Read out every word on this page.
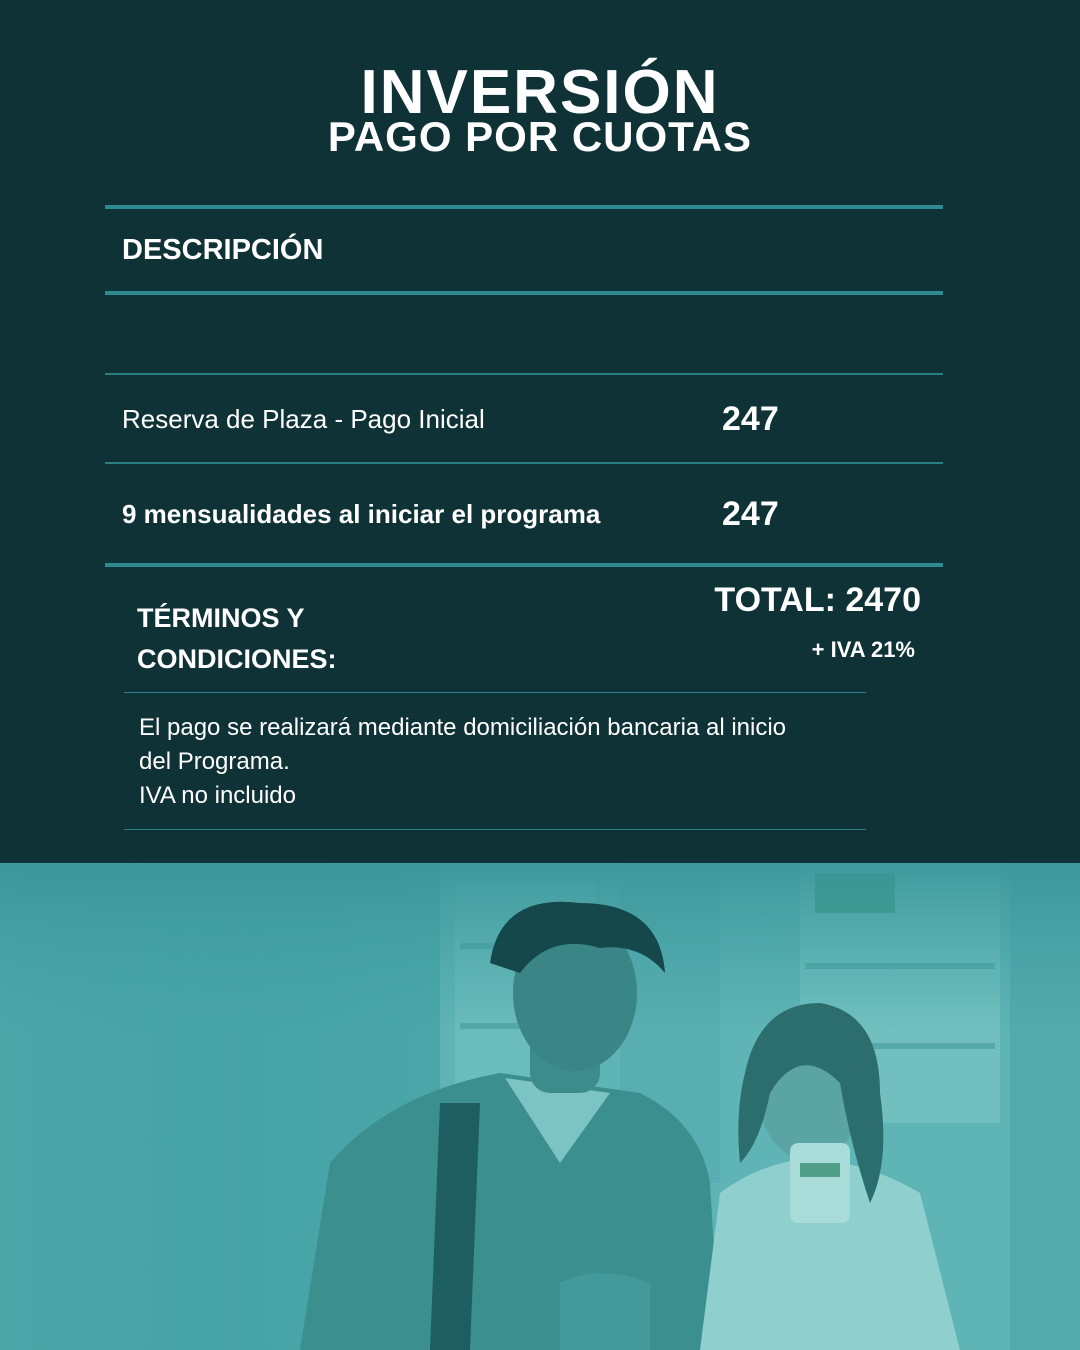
INVERSIÓN
PAGO POR CUOTAS
DESCRIPCIÓN
Reserva de Plaza - Pago Inicial	247
9 mensualidades al iniciar el programa	247
TÉRMINOS Y
CONDICIONES:
TOTAL: 2470
+ IVA 21%
El pago se realizará mediante domiciliación bancaria al inicio
del Programa.
IVA no incluido
